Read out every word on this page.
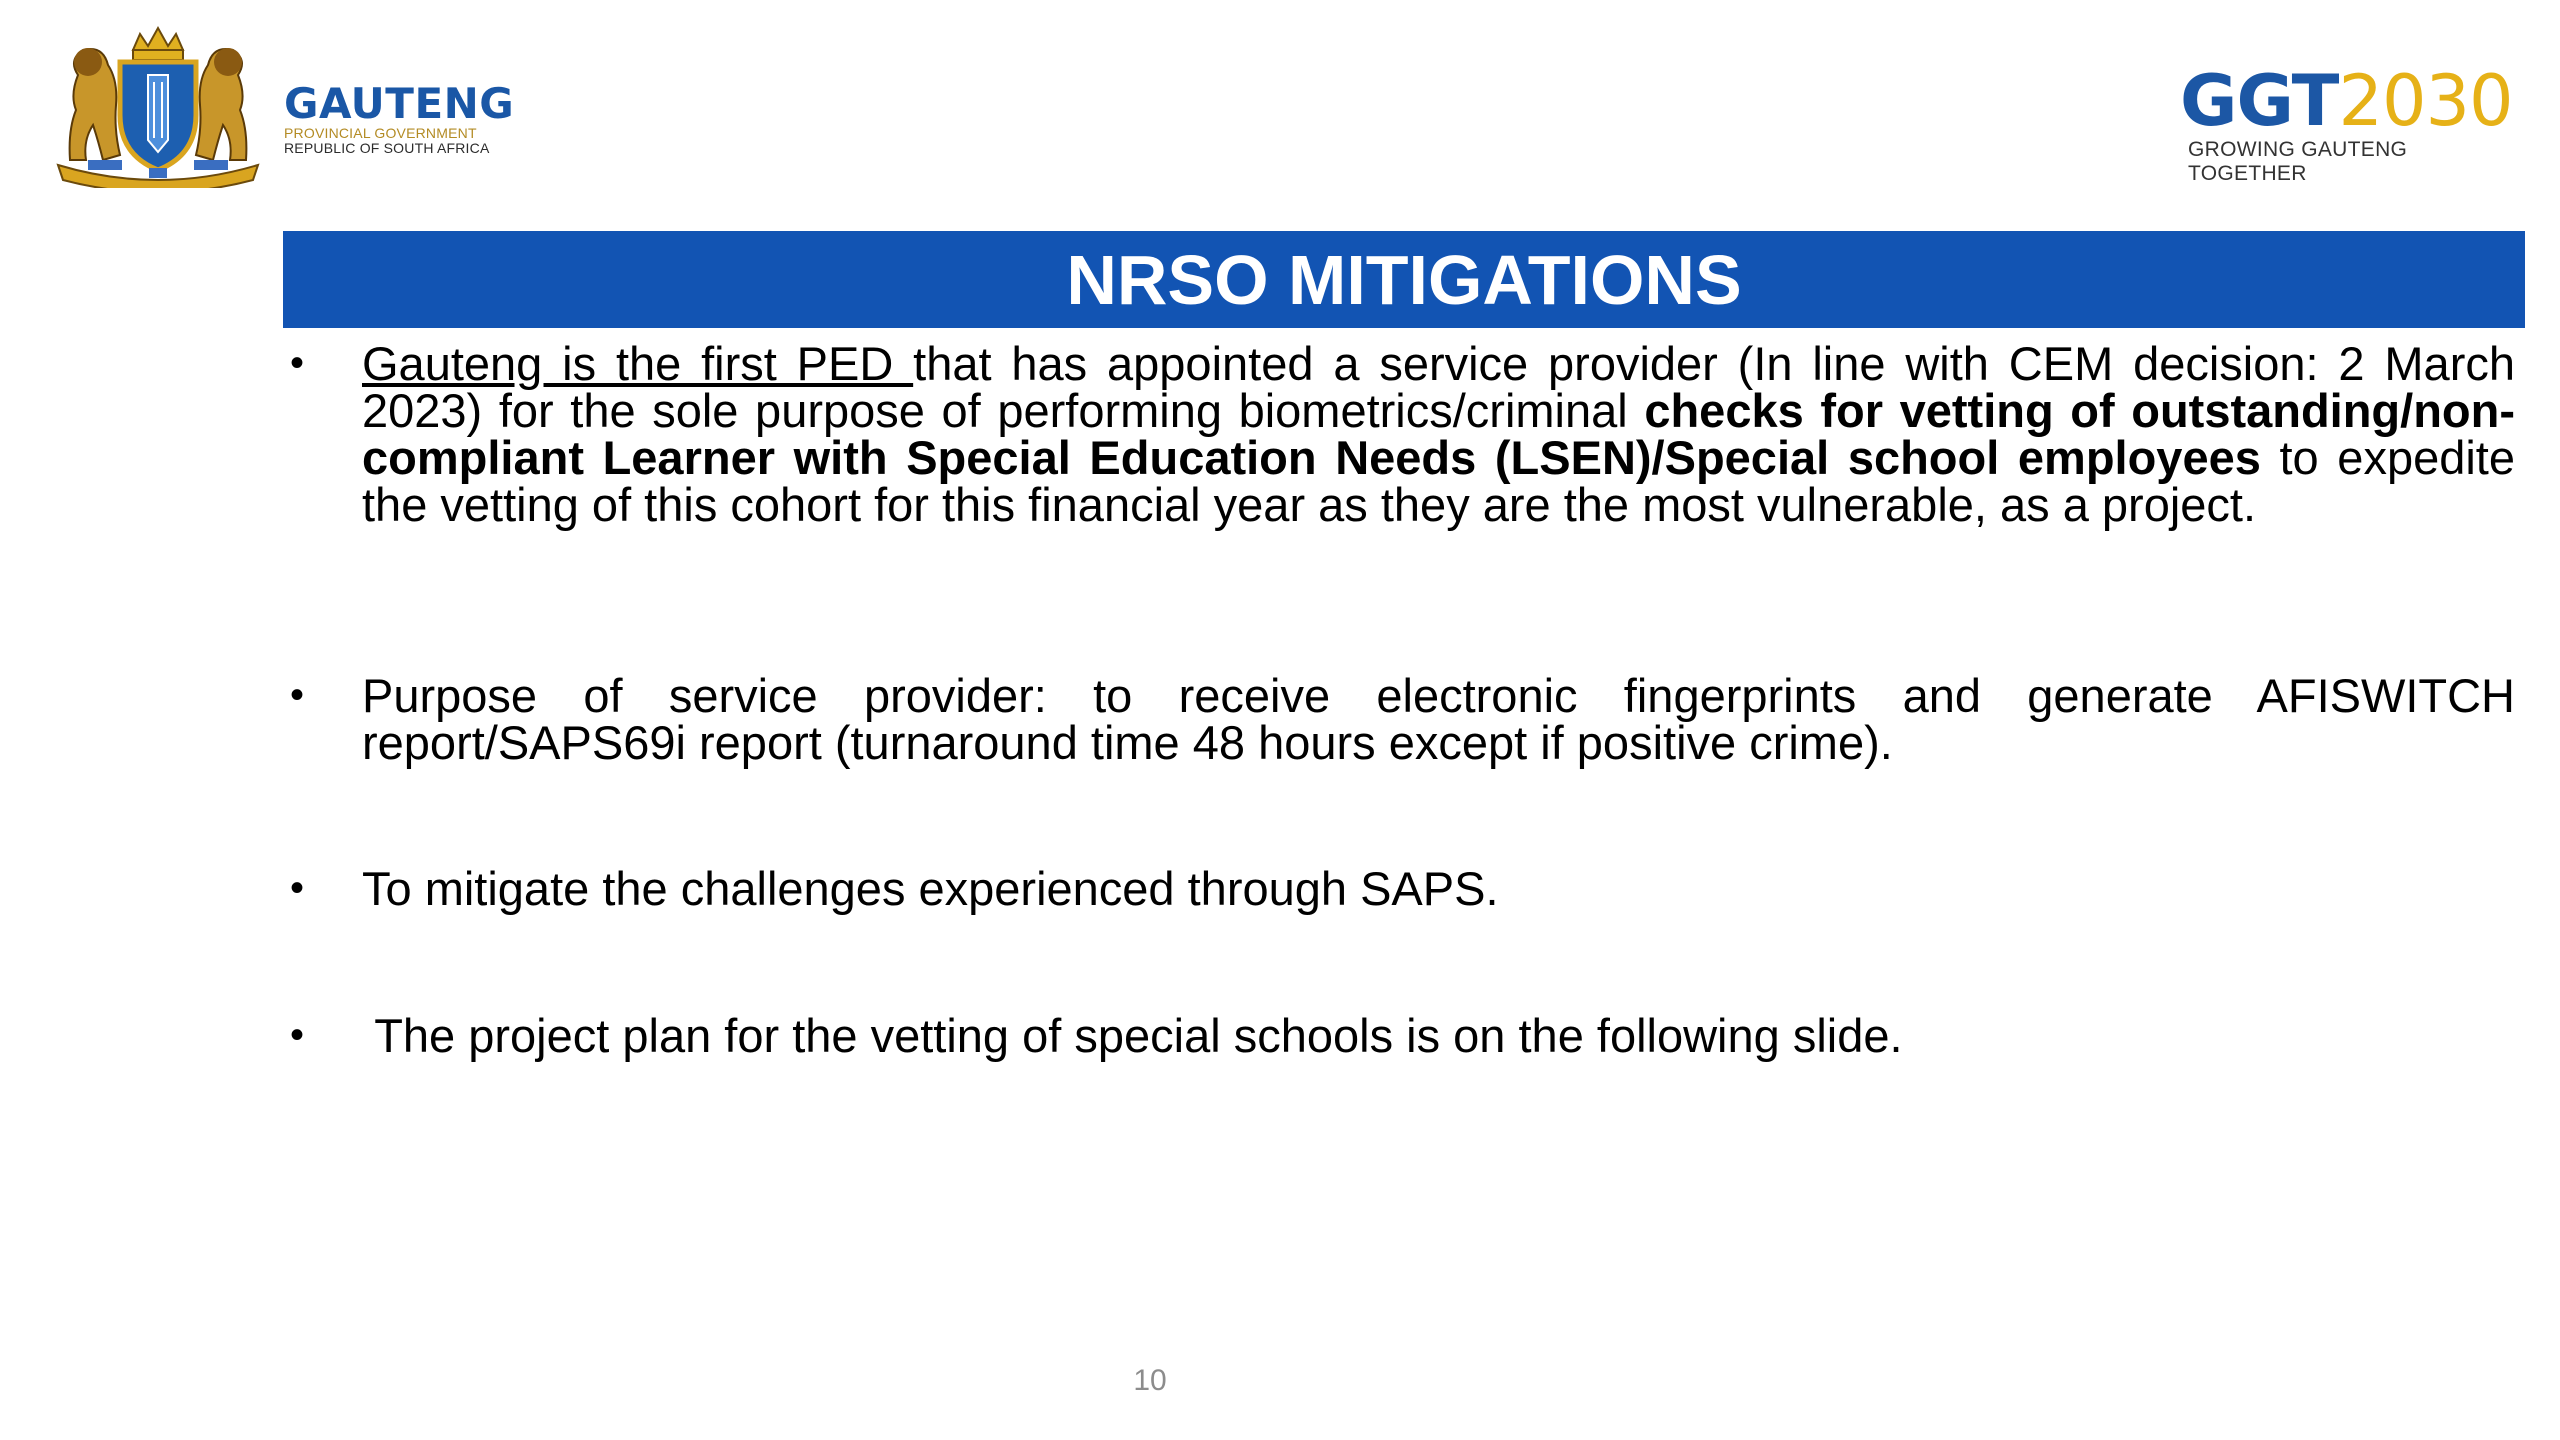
GAUTENG
PROVINCIAL GOVERNMENT
REPUBLIC OF SOUTH AFRICA
GGT2030
GROWING GAUTENG TOGETHER
NRSO MITIGATIONS
•	Gauteng is the first PED that has appointed a service provider (In line with CEM decision: 2 March 2023) for the sole purpose of performing biometrics/criminal checks for vetting of outstanding/non-compliant Learner with Special Education Needs (LSEN)/Special school employees to expedite the vetting of this cohort for this financial year as they are the most vulnerable, as a project.
•	Purpose of service provider: to receive electronic fingerprints and generate AFISWITCH report/SAPS69i report (turnaround time 48 hours except if positive crime).
•	To mitigate the challenges experienced through SAPS.
•	The project plan for the vetting of special schools is on the following slide.
10
